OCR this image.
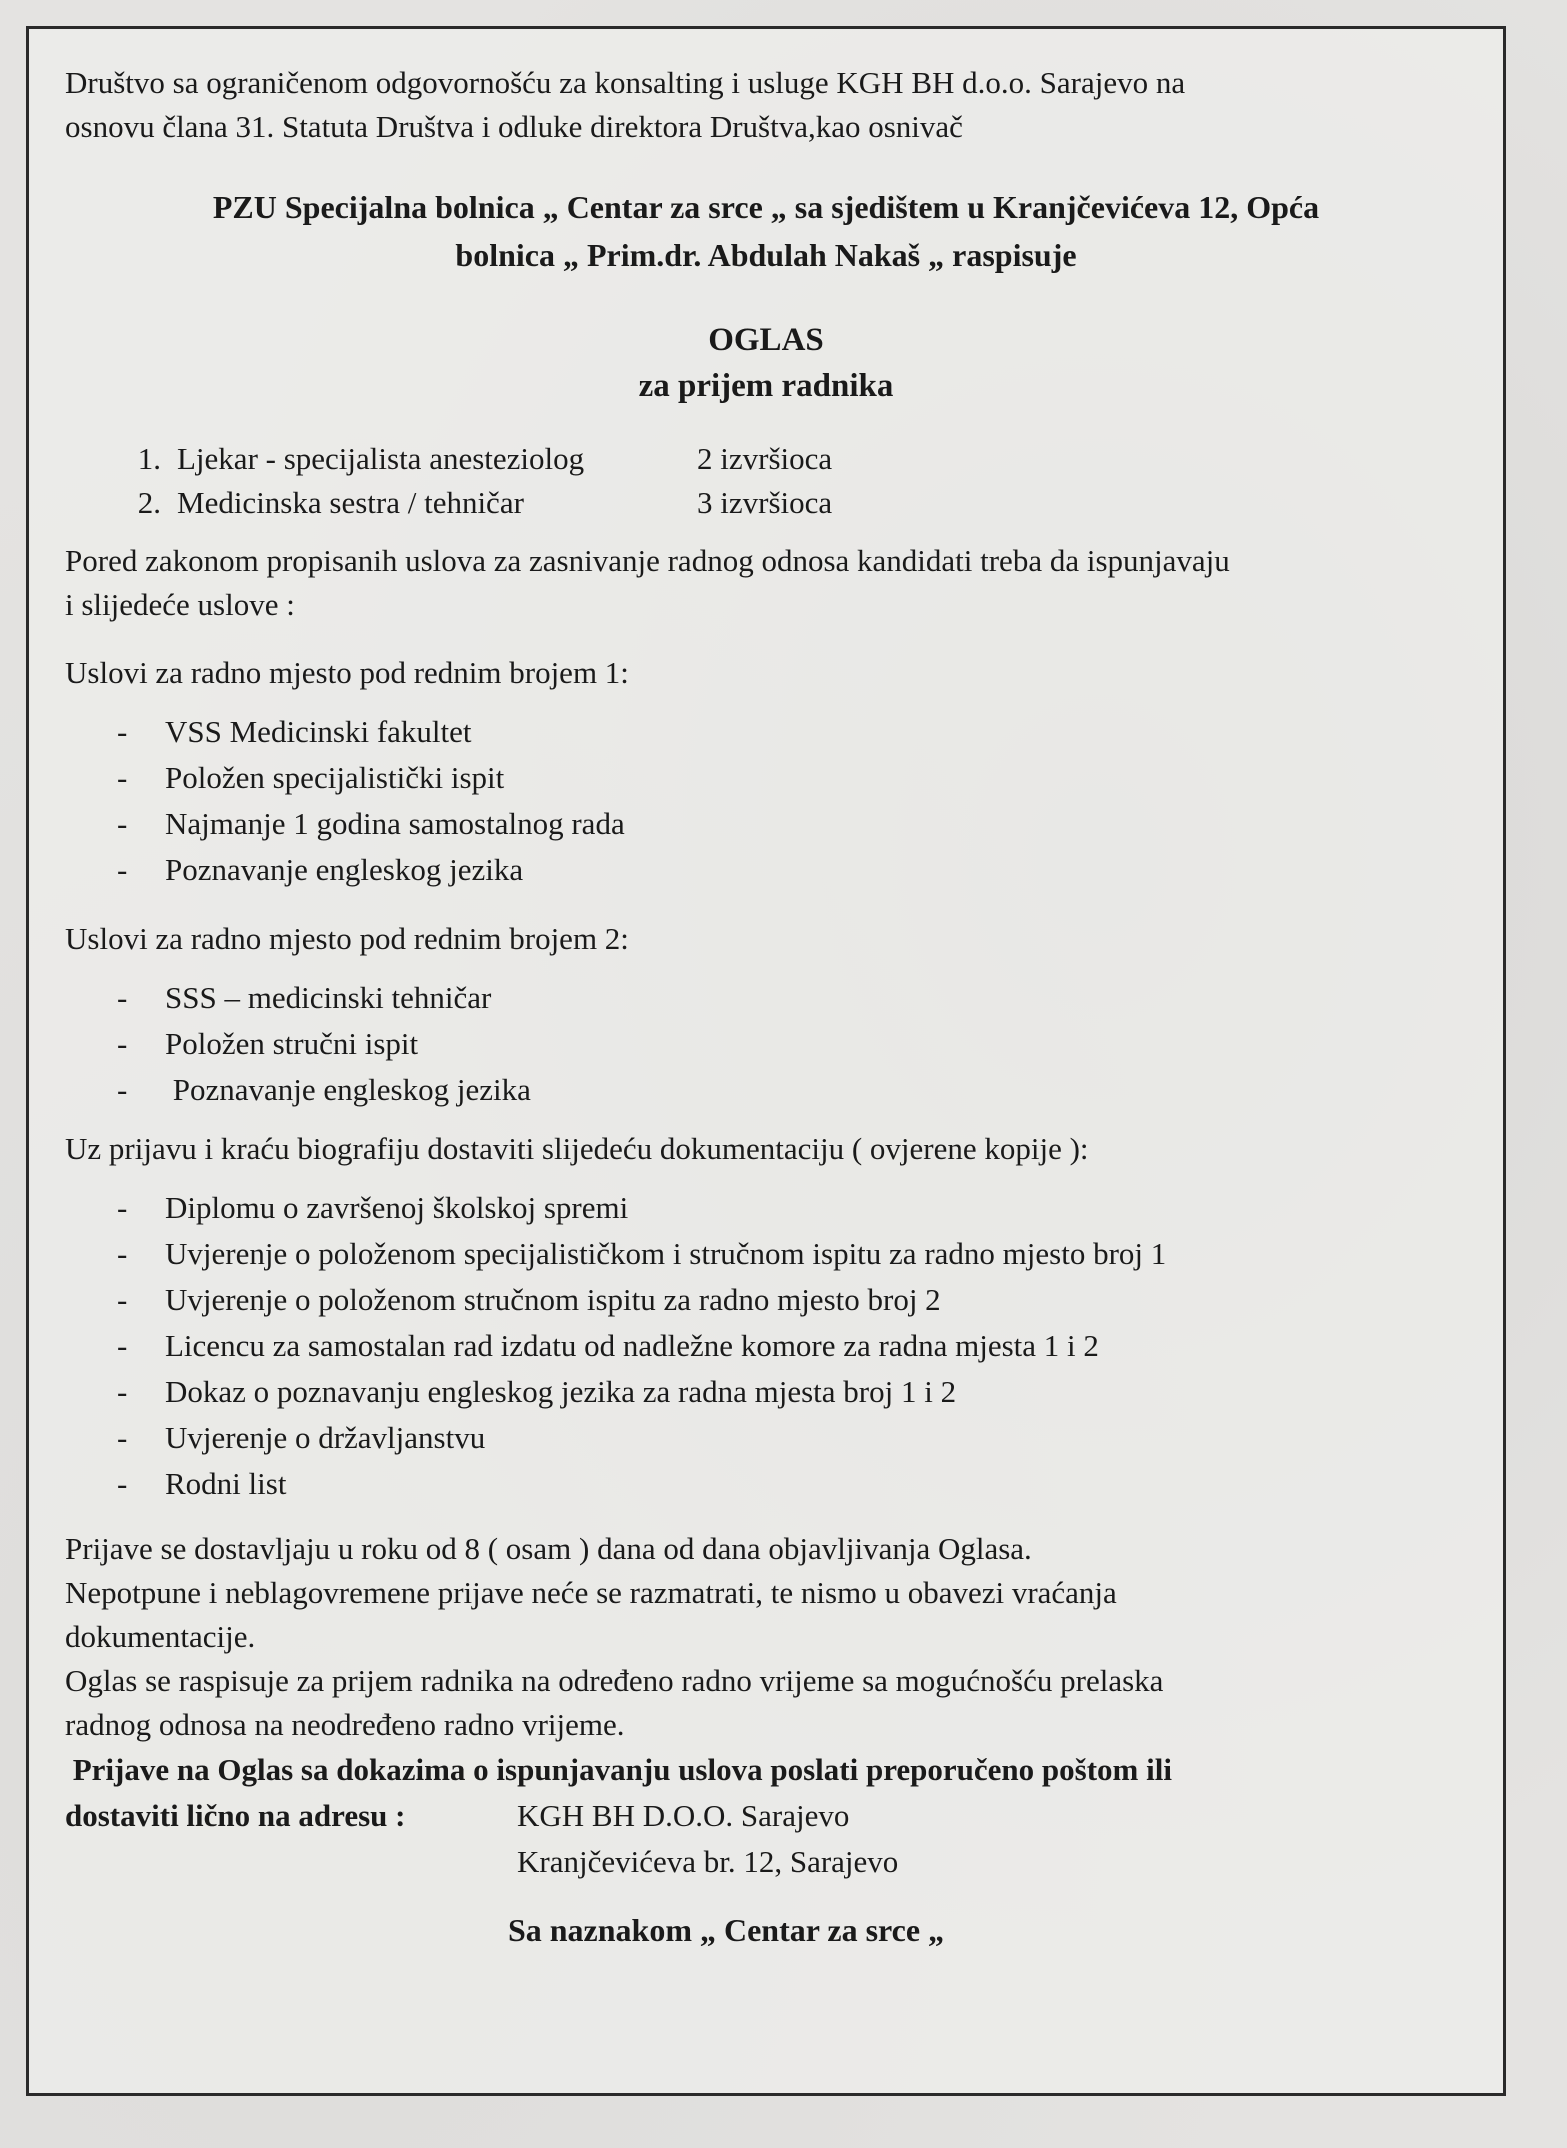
Društvo sa ograničenom odgovornošću za konsalting i usluge KGH BH d.o.o. Sarajevo na
osnovu člana 31. Statuta Društva i odluke direktora Društva,kao osnivač
PZU Specijalna bolnica „ Centar za srce „ sa sjedištem u Kranjčevićeva 12, Opća
bolnica „ Prim.dr. Abdulah Nakaš „ raspisuje
OGLAS
za prijem radnika
1. Ljekar - specijalista anesteziolog	2 izvršioca
2. Medicinska sestra / tehničar	3 izvršioca
Pored zakonom propisanih uslova za zasnivanje radnog odnosa kandidati treba da ispunjavaju
i slijedeće uslove :
Uslovi za radno mjesto pod rednim brojem 1:
-	VSS Medicinski fakultet
-	Položen specijalistički ispit
-	Najmanje 1 godina samostalnog rada
-	Poznavanje engleskog jezika
Uslovi za radno mjesto pod rednim brojem 2:
-	SSS – medicinski tehničar
-	Položen stručni ispit
-	Poznavanje engleskog jezika
Uz prijavu i kraću biografiju dostaviti slijedeću dokumentaciju ( ovjerene kopije ):
-	Diplomu o završenoj školskoj spremi
-	Uvjerenje o položenom specijalističkom i stručnom ispitu za radno mjesto broj 1
-	Uvjerenje o položenom stručnom ispitu za radno mjesto broj 2
-	Licencu za samostalan rad izdatu od nadležne komore za radna mjesta 1 i 2
-	Dokaz o poznavanju engleskog jezika za radna mjesta broj 1 i 2
-	Uvjerenje o državljanstvu
-	Rodni list
Prijave se dostavljaju u roku od 8 ( osam ) dana od dana objavljivanja Oglasa.
Nepotpune i neblagovremene prijave neće se razmatrati, te nismo u obavezi vraćanja
dokumentacije.
Oglas se raspisuje za prijem radnika na određeno radno vrijeme sa mogućnošću prelaska
radnog odnosa na neodređeno radno vrijeme.
Prijave na Oglas sa dokazima o ispunjavanju uslova poslati preporučeno poštom ili
dostaviti lično na adresu :	KGH BH D.O.O. Sarajevo
Kranjčevićeva br. 12, Sarajevo
Sa naznakom „ Centar za srce „
